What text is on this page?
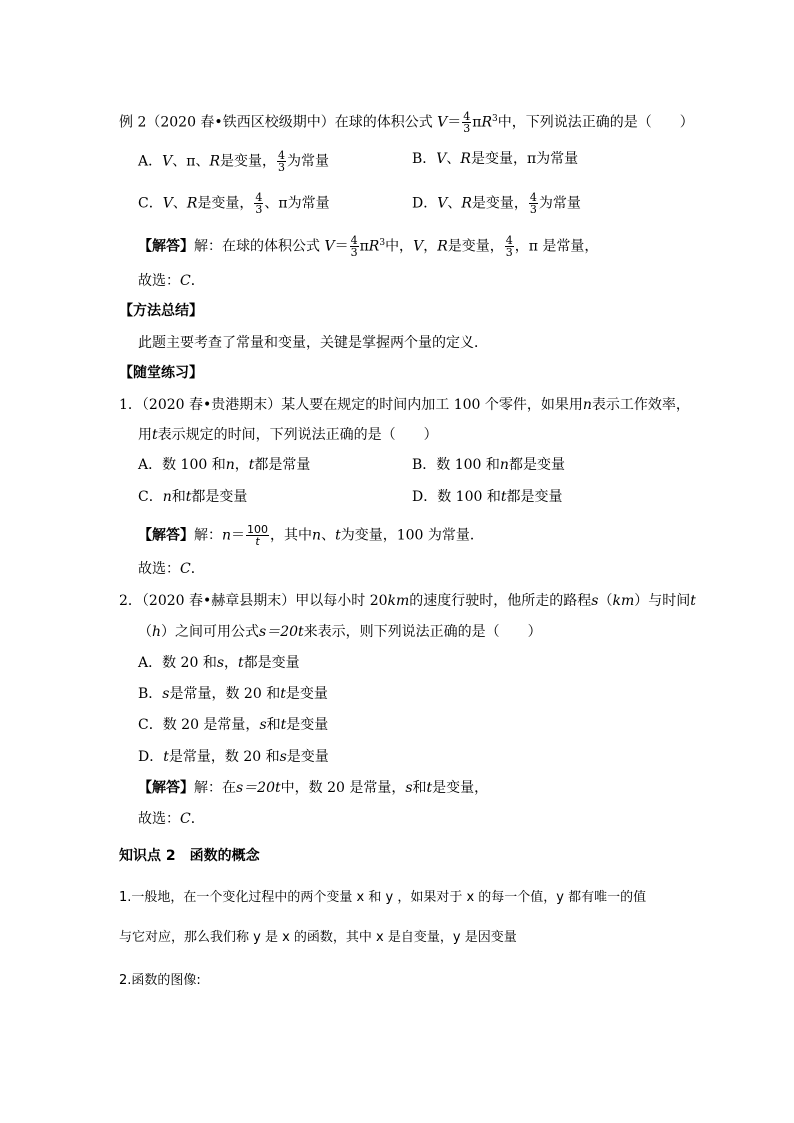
例 2（2020 春•铁西区校级期中）在球的体积公式 $V= \frac{4}{3} \pi R^3$中，下列说法正确的是（　　）
A．V、π、R是变量， $\frac{4}{3}$ 为常量	B．V、R是变量，π为常量
C．V、R是变量， $\frac{4}{3}$ 、π为常量	D．V、R是变量， $\frac{4}{3}$ 为常量
【解答】解：在球的体积公式 $V= \frac{4}{3} \pi R^3$中，V，R是变量， $\frac{4}{3}$ ，π 是常量，
故选：C．
【方法总结】
此题主要考查了常量和变量，关键是掌握两个量的定义．
【随堂练习】
1．（2020 春•贵港期末）某人要在规定的时间内加工 100 个零件，如果用n表示工作效率，
用t表示规定的时间，下列说法正确的是（　　）
A．数 100 和n，t都是常量	B．数 100 和n都是变量
C．n和t都是变量	D．数 100 和t都是变量
【解答】解：$n= \frac{100}{t}$ ，其中n、t为变量，100 为常量．
故选：C．
2．（2020 春•赫章县期末）甲以每小时 20km的速度行驶时，他所走的路程s（km）与时间t
（h）之间可用公式s＝20t来表示，则下列说法正确的是（　　）
A．数 20 和s，t都是变量
B．s是常量，数 20 和t是变量
C．数 20 是常量，s和t是变量
D．t是常量，数 20 和s是变量
【解答】解：在s＝20t中，数 20 是常量，s和t是变量，
故选：C．
知识点 2　函数的概念
1.一般地，在一个变化过程中的两个变量 x 和 y ，如果对于 x 的每一个值，y 都有唯一的值
与它对应，那么我们称 y 是 x 的函数，其中 x 是自变量，y 是因变量
2.函数的图像:
